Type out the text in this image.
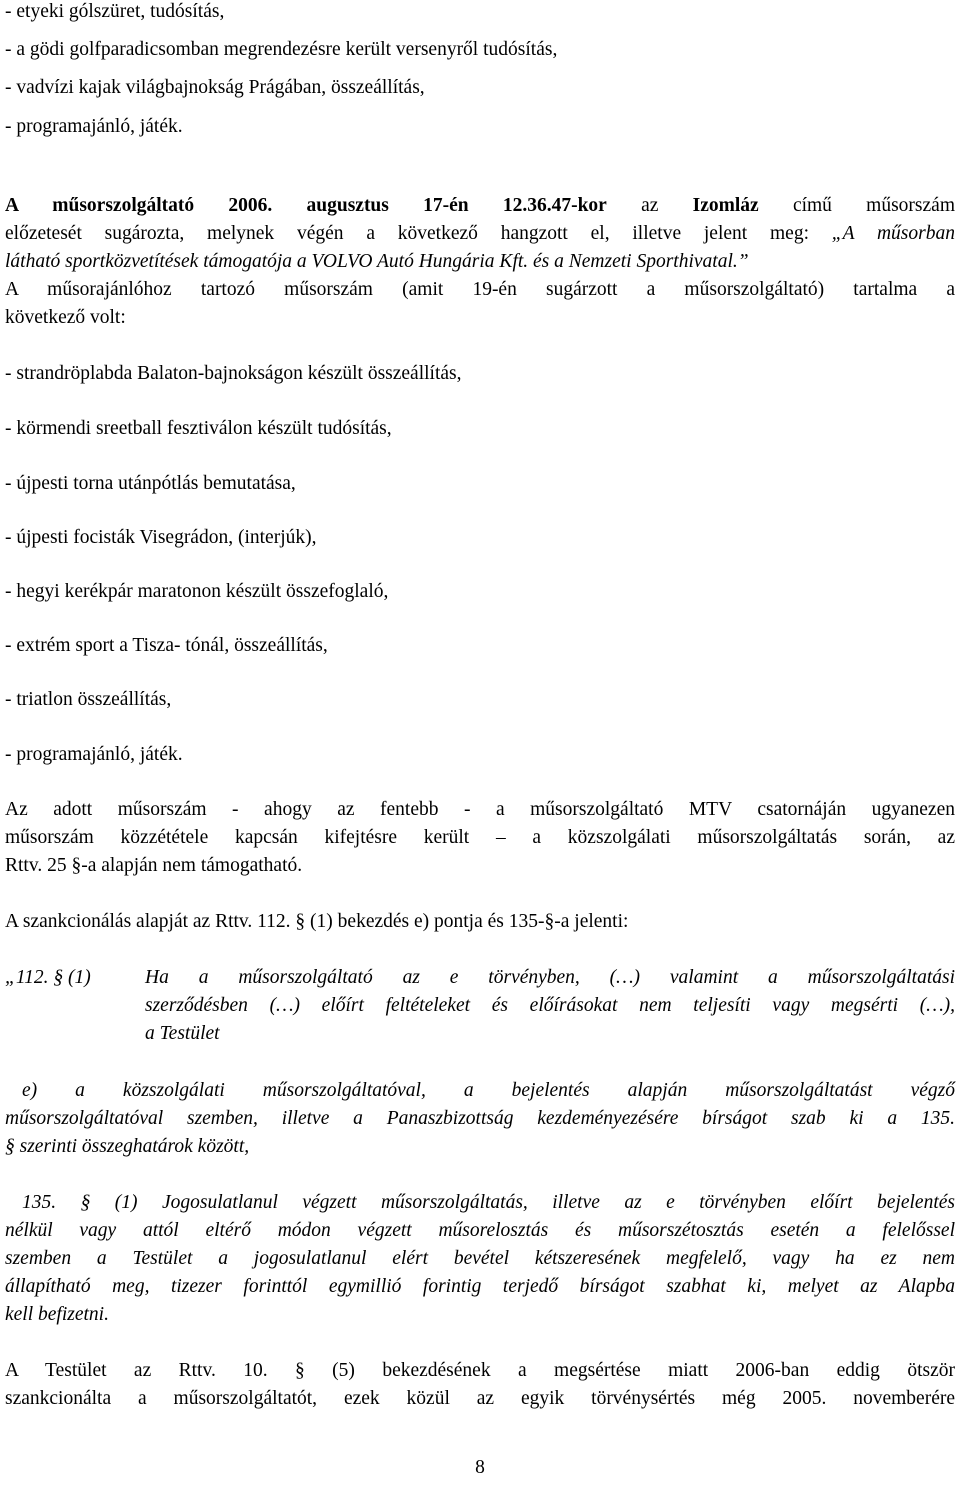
- etyeki gólszüret, tudósítás,
- a gödi golfparadicsomban megrendezésre került versenyről tudósítás,
- vadvízi kajak világbajnokság Prágában, összeállítás,
- programajánló, játék.
A műsorszolgáltató 2006. augusztus 17-én 12.36.47-kor az Izomláz című műsorszám
előzetesét sugározta, melynek végén a következő hangzott el, illetve jelent meg: „A műsorban
látható sportközvetítések támogatója a VOLVO Autó Hungária Kft. és a Nemzeti Sporthivatal.”
A műsorajánlóhoz tartozó műsorszám (amit 19-én sugárzott a műsorszolgáltató) tartalma a
következő volt:
- strandröplabda Balaton-bajnokságon készült összeállítás,
- körmendi sreetball fesztiválon készült tudósítás,
- újpesti torna utánpótlás bemutatása,
- újpesti focisták Visegrádon, (interjúk),
- hegyi kerékpár maratonon készült összefoglaló,
- extrém sport a Tisza- tónál, összeállítás,
- triatlon összeállítás,
- programajánló, játék.
Az adott műsorszám - ahogy az fentebb - a műsorszolgáltató MTV csatornáján ugyanezen
műsorszám közzététele kapcsán kifejtésre került – a közszolgálati műsorszolgáltatás során, az
Rttv. 25 §-a alapján nem támogatható.
A szankcionálás alapját az Rttv. 112. § (1) bekezdés e) pontja és 135-§-a jelenti:
„112. § (1)	Ha a műsorszolgáltató az e törvényben, (…) valamint a műsorszolgáltatási
szerződésben (…) előírt feltételeket és előírásokat nem teljesíti vagy megsérti (…),
a Testület
e) a közszolgálati műsorszolgáltatóval, a bejelentés alapján műsorszolgáltatást végző
műsorszolgáltatóval szemben, illetve a Panaszbizottság kezdeményezésére bírságot szab ki a 135.
§ szerinti összeghatárok között,
135. § (1) Jogosulatlanul végzett műsorszolgáltatás, illetve az e törvényben előírt bejelentés
nélkül vagy attól eltérő módon végzett műsorelosztás és műsorszétosztás esetén a felelőssel
szemben a Testület a jogosulatlanul elért bevétel kétszeresének megfelelő, vagy ha ez nem
állapítható meg, tizezer forinttól egymillió forintig terjedő bírságot szabhat ki, melyet az Alapba
kell befizetni.
A Testület az Rttv. 10. § (5) bekezdésének a megsértése miatt 2006-ban eddig ötször
szankcionálta a műsorszolgáltatót, ezek közül az egyik törvénysértés még 2005. novemberére
8
